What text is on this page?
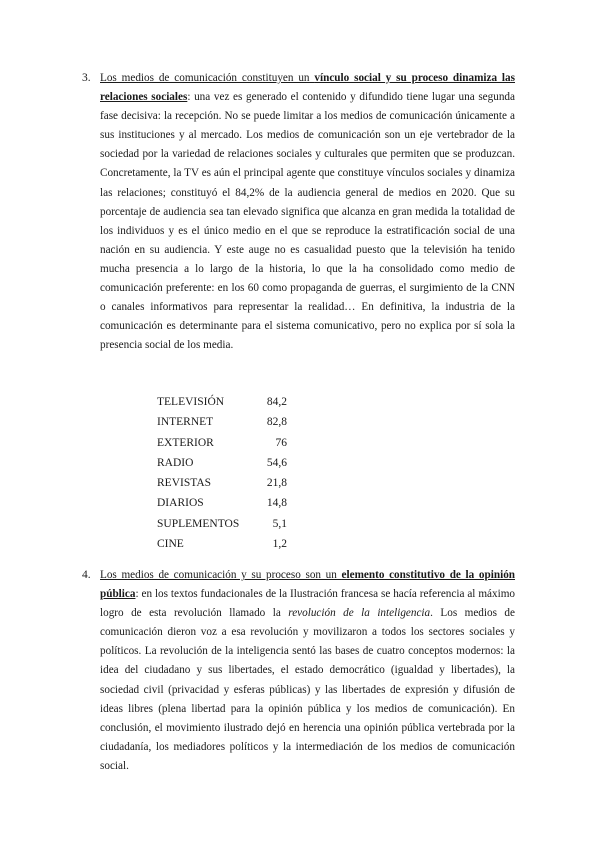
3. Los medios de comunicación constituyen un vínculo social y su proceso dinamiza las relaciones sociales: una vez es generado el contenido y difundido tiene lugar una segunda fase decisiva: la recepción. No se puede limitar a los medios de comunicación únicamente a sus instituciones y al mercado. Los medios de comunicación son un eje vertebrador de la sociedad por la variedad de relaciones sociales y culturales que permiten que se produzcan. Concretamente, la TV es aún el principal agente que constituye vínculos sociales y dinamiza las relaciones; constituyó el 84,2% de la audiencia general de medios en 2020. Que su porcentaje de audiencia sea tan elevado significa que alcanza en gran medida la totalidad de los individuos y es el único medio en el que se reproduce la estratificación social de una nación en su audiencia. Y este auge no es casualidad puesto que la televisión ha tenido mucha presencia a lo largo de la historia, lo que la ha consolidado como medio de comunicación preferente: en los 60 como propaganda de guerras, el surgimiento de la CNN o canales informativos para representar la realidad… En definitiva, la industria de la comunicación es determinante para el sistema comunicativo, pero no explica por sí sola la presencia social de los media.

TELEVISIÓN	84,2
INTERNET	82,8
EXTERIOR	76
RADIO	54,6
REVISTAS	21,8
DIARIOS	14,8
SUPLEMENTOS	5,1
CINE	1,2
4. Los medios de comunicación y su proceso son un elemento constitutivo de la opinión pública: en los textos fundacionales de la Ilustración francesa se hacía referencia al máximo logro de esta revolución llamado la revolución de la inteligencia. Los medios de comunicación dieron voz a esa revolución y movilizaron a todos los sectores sociales y políticos. La revolución de la inteligencia sentó las bases de cuatro conceptos modernos: la idea del ciudadano y sus libertades, el estado democrático (igualdad y libertades), la sociedad civil (privacidad y esferas públicas) y las libertades de expresión y difusión de ideas libres (plena libertad para la opinión pública y los medios de comunicación). En conclusión, el movimiento ilustrado dejó en herencia una opinión pública vertebrada por la ciudadanía, los mediadores políticos y la intermediación de los medios de comunicación social.
